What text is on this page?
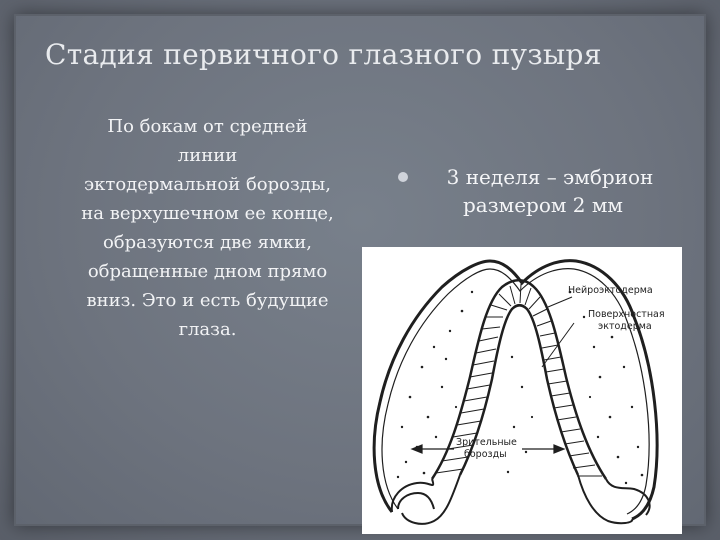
Стадия первичного глазного пузыря
По бокам от средней
линии
эктодермальной борозды,
на верхушечном ее конце,
образуются две ямки,
обращенные дном прямо
вниз. Это и есть будущие
глаза.
3 неделя – эмбрион
размером 2 мм
Нейроэктодерма
Поверхностная
эктодерма
Зрительные
борозды
